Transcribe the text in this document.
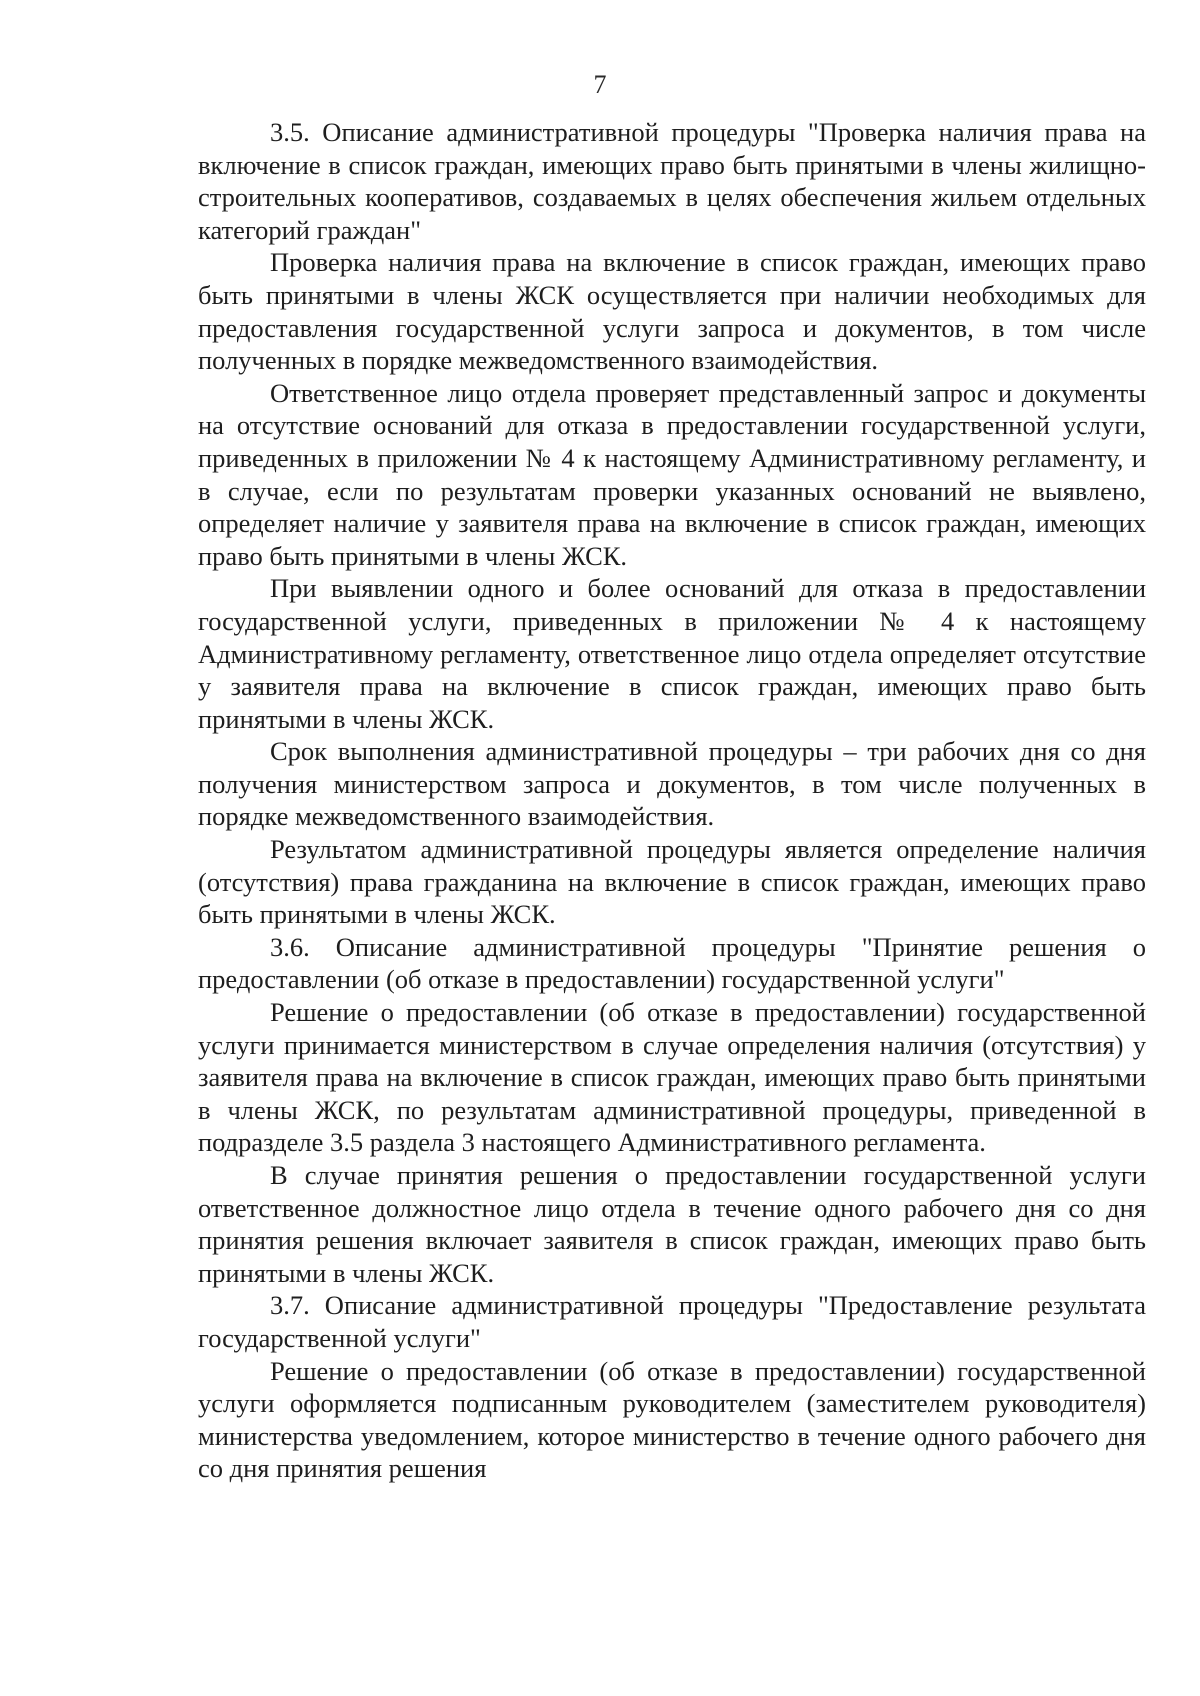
7

3.5. Описание административной процедуры "Проверка наличия права на включение в список граждан, имеющих право быть принятыми в члены жилищно-строительных кооперативов, создаваемых в целях обеспечения жильем отдельных категорий граждан"

Проверка наличия права на включение в список граждан, имеющих право быть принятыми в члены ЖСК осуществляется при наличии необходимых для предоставления государственной услуги запроса и документов, в том числе полученных в порядке межведомственного взаимодействия.

Ответственное лицо отдела проверяет представленный запрос и документы на отсутствие оснований для отказа в предоставлении государственной услуги, приведенных в приложении № 4 к настоящему Административному регламенту, и в случае, если по результатам проверки указанных оснований не выявлено, определяет наличие у заявителя права на включение в список граждан, имеющих право быть принятыми в члены ЖСК.

При выявлении одного и более оснований для отказа в предоставлении государственной услуги, приведенных в приложении № 4 к настоящему Административному регламенту, ответственное лицо отдела определяет отсутствие у заявителя права на включение в список граждан, имеющих право быть принятыми в члены ЖСК.

Срок выполнения административной процедуры – три рабочих дня со дня получения министерством запроса и документов, в том числе полученных в порядке межведомственного взаимодействия.

Результатом административной процедуры является определение наличия (отсутствия) права гражданина на включение в список граждан, имеющих право быть принятыми в члены ЖСК.

3.6. Описание административной процедуры "Принятие решения о предоставлении (об отказе в предоставлении) государственной услуги"

Решение о предоставлении (об отказе в предоставлении) государственной услуги принимается министерством в случае определения наличия (отсутствия) у заявителя права на включение в список граждан, имеющих право быть принятыми в члены ЖСК, по результатам административной процедуры, приведенной в подразделе 3.5 раздела 3 настоящего Административного регламента.

В случае принятия решения о предоставлении государственной услуги ответственное должностное лицо отдела в течение одного рабочего дня со дня принятия решения включает заявителя в список граждан, имеющих право быть принятыми в члены ЖСК.

3.7. Описание административной процедуры "Предоставление результата государственной услуги"

Решение о предоставлении (об отказе в предоставлении) государственной услуги оформляется подписанным руководителем (заместителем руководителя) министерства уведомлением, которое министерство в течение одного рабочего дня со дня принятия решения
